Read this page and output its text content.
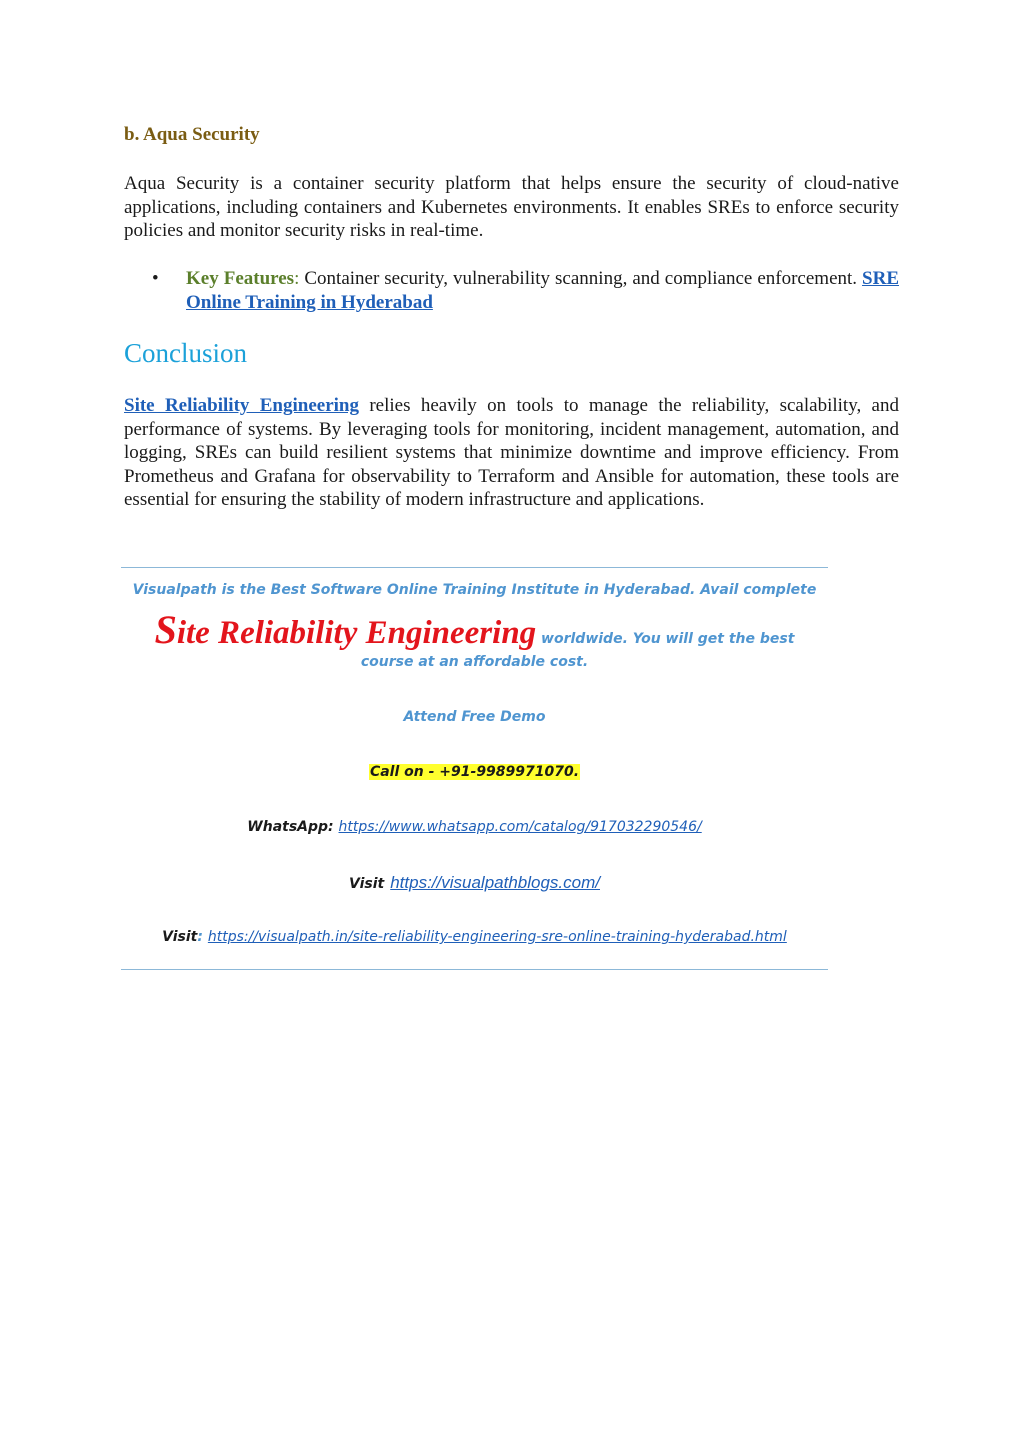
b. Aqua Security

Aqua Security is a container security platform that helps ensure the security of cloud-native applications, including containers and Kubernetes environments. It enables SREs to enforce security policies and monitor security risks in real-time.

• Key Features: Container security, vulnerability scanning, and compliance enforcement. SRE Online Training in Hyderabad

Conclusion

Site Reliability Engineering relies heavily on tools to manage the reliability, scalability, and performance of systems. By leveraging tools for monitoring, incident management, automation, and logging, SREs can build resilient systems that minimize downtime and improve efficiency. From Prometheus and Grafana for observability to Terraform and Ansible for automation, these tools are essential for ensuring the stability of modern infrastructure and applications.

Visualpath is the Best Software Online Training Institute in Hyderabad. Avail complete
Site Reliability Engineering worldwide. You will get the best
course at an affordable cost.
Attend Free Demo
Call on - +91-9989971070.
WhatsApp: https://www.whatsapp.com/catalog/917032290546/
Visit https://visualpathblogs.com/
Visit: https://visualpath.in/site-reliability-engineering-sre-online-training-hyderabad.html
